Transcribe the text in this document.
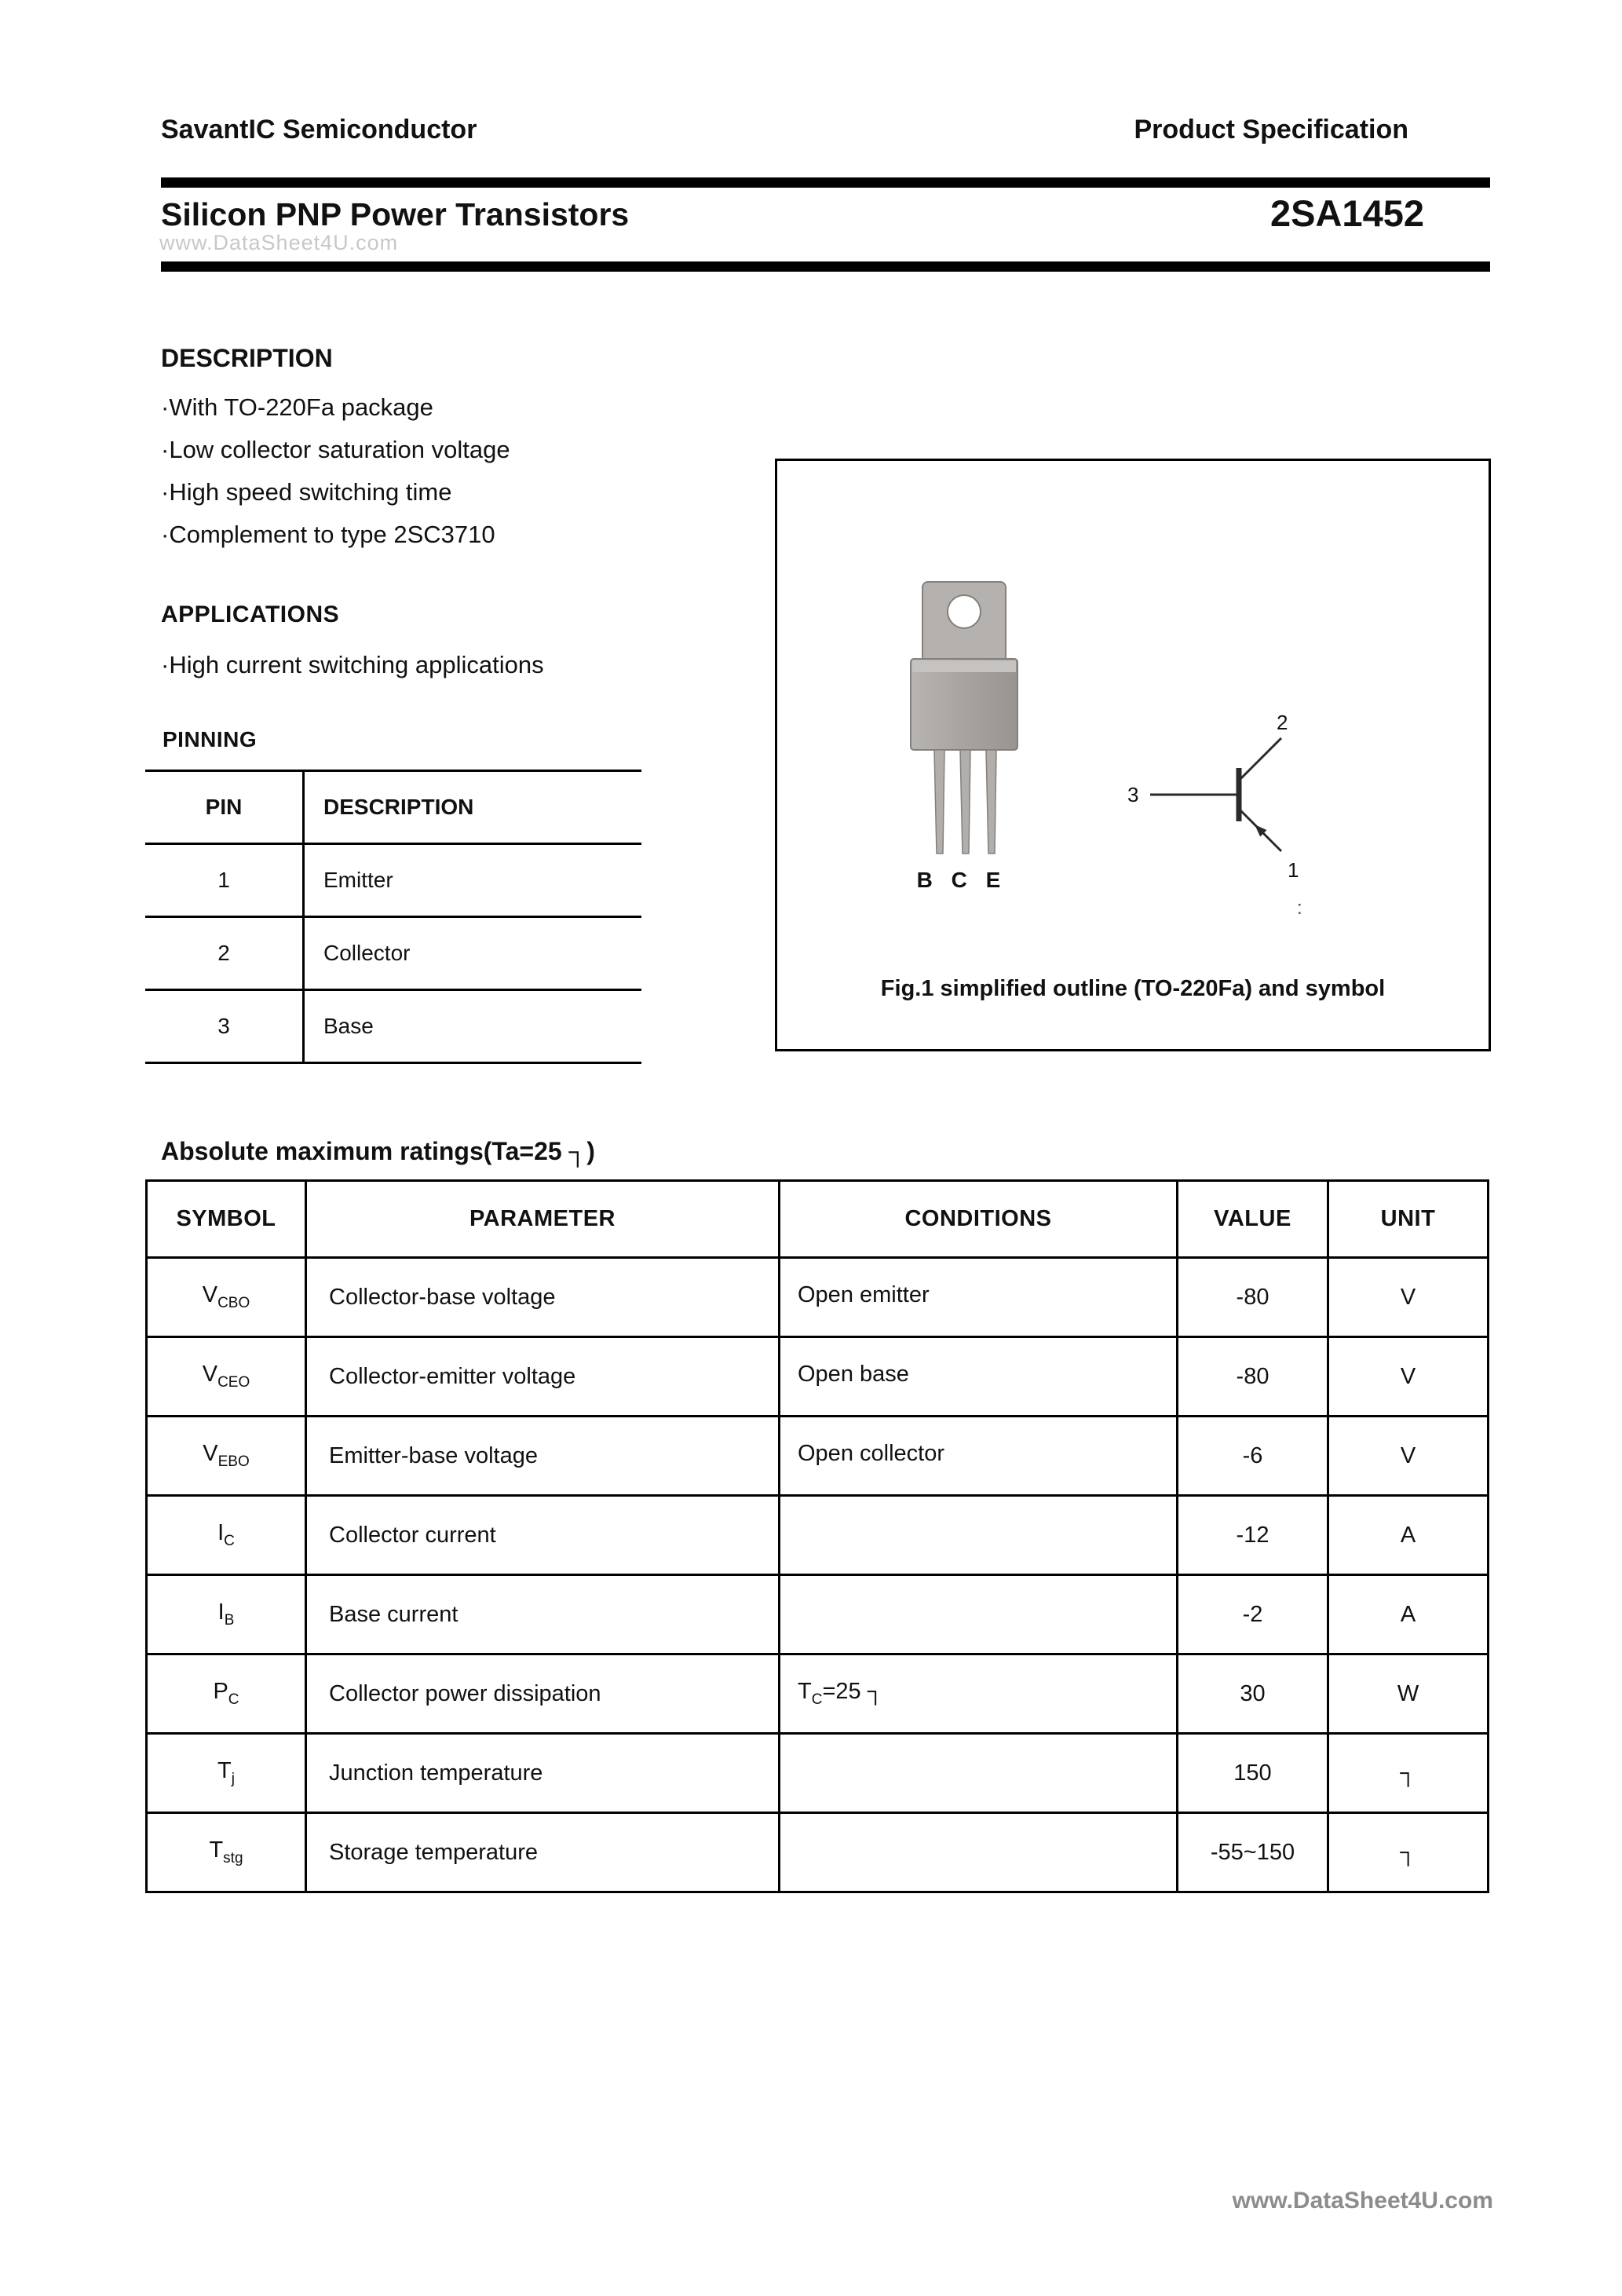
SavantIC Semiconductor	Product Specification
Silicon PNP Power Transistors	2SA1452
www.DataSheet4U.com
DESCRIPTION
·With TO-220Fa package
·Low collector saturation voltage
·High speed switching time
·Complement to type 2SC3710
APPLICATIONS
·High current switching applications
PINNING
PIN	DESCRIPTION
1	Emitter
2	Collector
3	Base
B C E
2
3
1
:
Fig.1 simplified outline (TO-220Fa) and symbol
Absolute maximum ratings(Ta=25 ┐)
SYMBOL	PARAMETER	CONDITIONS	VALUE	UNIT
$V_{CBO}$	Collector-base voltage	Open emitter	-80	V
$V_{CEO}$	Collector-emitter voltage	Open base	-80	V
$V_{EBO}$	Emitter-base voltage	Open collector	-6	V
$I_C$	Collector current		-12	A
$I_B$	Base current		-2	A
$P_C$	Collector power dissipation	$T_C=25$ ┐	30	W
$T_j$	Junction temperature		150	┐
$T_{stg}$	Storage temperature		-55~150	┐
www.DataSheet4U.com
